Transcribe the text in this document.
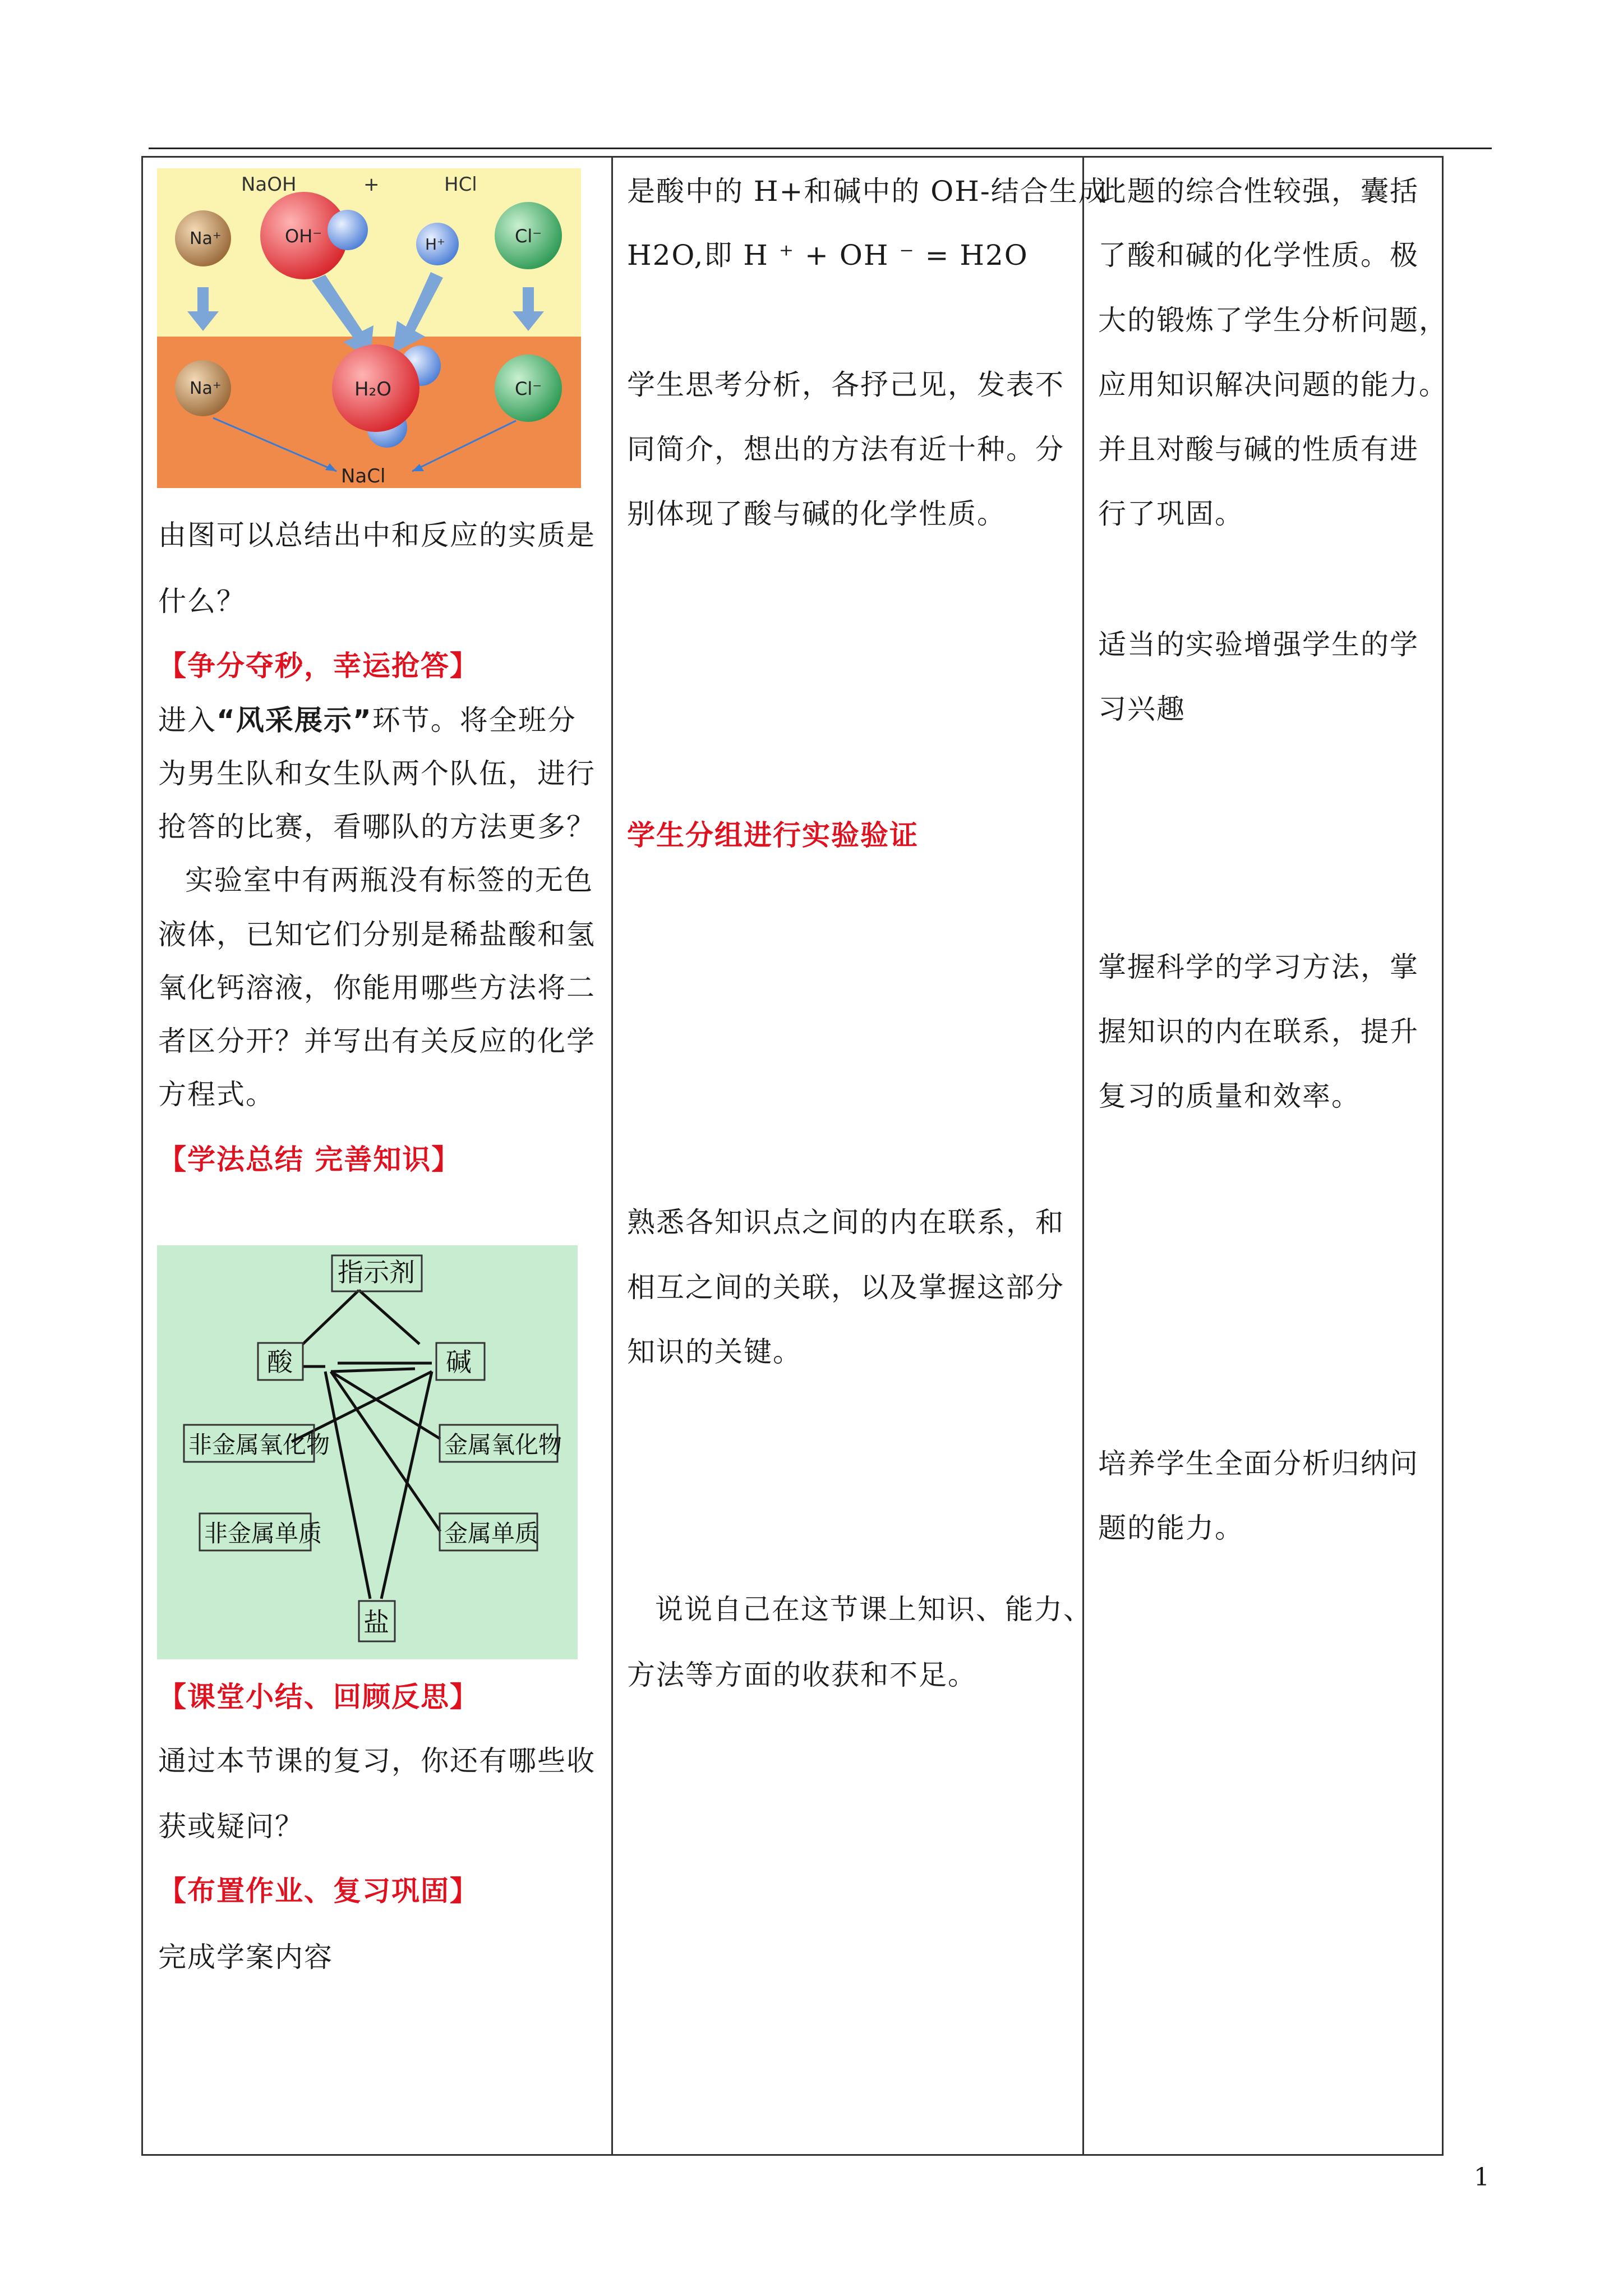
NaOH	+	HCl
Na⁺	OH⁻	H⁺	Cl⁻
Na⁺	H₂O	Cl⁻
NaCl
由图可以总结出中和反应的实质是
什么？
【争分夺秒，幸运抢答】
进入“风采展示”环节。将全班分
为男生队和女生队两个队伍，进行
抢答的比赛，看哪队的方法更多？
实验室中有两瓶没有标签的无色
液体，已知它们分别是稀盐酸和氢
氧化钙溶液，你能用哪些方法将二
者区分开？并写出有关反应的化学
方程式。
【学法总结 完善知识】
指示剂
酸	碱
非金属氧化物	金属氧化物
非金属单质	金属单质
盐
【课堂小结、回顾反思】
通过本节课的复习，你还有哪些收
获或疑问？
【布置作业、复习巩固】
完成学案内容
是酸中的 H+和碱中的 OH-结合生成
H2O,即 H ⁺ + OH ⁻ = H2O
学生思考分析，各抒己见，发表不
同简介，想出的方法有近十种。分
别体现了酸与碱的化学性质。
学生分组进行实验验证
熟悉各知识点之间的内在联系，和
相互之间的关联，以及掌握这部分
知识的关键。
说说自己在这节课上知识、能力、
方法等方面的收获和不足。
此题的综合性较强，囊括
了酸和碱的化学性质。极
大的锻炼了学生分析问题，
应用知识解决问题的能力。
并且对酸与碱的性质有进
行了巩固。
适当的实验增强学生的学
习兴趣
掌握科学的学习方法，掌
握知识的内在联系，提升
复习的质量和效率。
培养学生全面分析归纳问
题的能力。
1
